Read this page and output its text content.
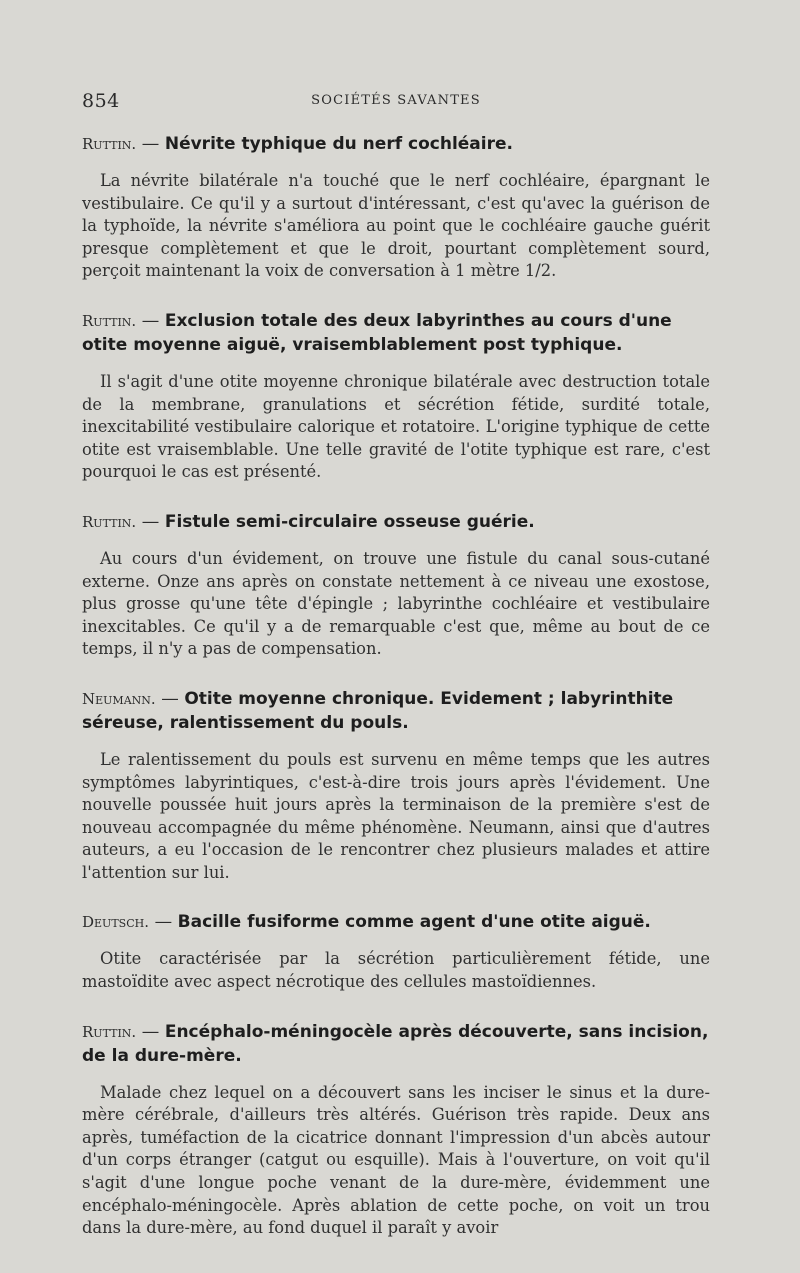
854	SOCIÉTÉS SAVANTES

Ruttin. — Névrite typhique du nerf cochléaire.

La névrite bilatérale n'a touché que le nerf cochléaire, épargnant le vestibulaire. Ce qu'il y a surtout d'intéressant, c'est qu'avec la guérison de la typhoïde, la névrite s'améliora au point que le cochléaire gauche guérit presque complètement et que le droit, pourtant complètement sourd, perçoit maintenant la voix de conversation à 1 mètre 1/2.

Ruttin. — Exclusion totale des deux labyrinthes au cours d'une otite moyenne aiguë, vraisemblablement post typhique.

Il s'agit d'une otite moyenne chronique bilatérale avec destruction totale de la membrane, granulations et sécrétion fétide, surdité totale, inexcitabilité vestibulaire calorique et rotatoire. L'origine typhique de cette otite est vraisemblable. Une telle gravité de l'otite typhique est rare, c'est pourquoi le cas est présenté.

Ruttin. — Fistule semi-circulaire osseuse guérie.

Au cours d'un évidement, on trouve une fistule du canal sous-cutané externe. Onze ans après on constate nettement à ce niveau une exostose, plus grosse qu'une tête d'épingle ; labyrinthe cochléaire et vestibulaire inexcitables. Ce qu'il y a de remarquable c'est que, même au bout de ce temps, il n'y a pas de compensation.

Neumann. — Otite moyenne chronique. Evidement ; labyrinthite séreuse, ralentissement du pouls.

Le ralentissement du pouls est survenu en même temps que les autres symptômes labyrintiques, c'est-à-dire trois jours après l'évidement. Une nouvelle poussée huit jours après la terminaison de la première s'est de nouveau accompagnée du même phénomène. Neumann, ainsi que d'autres auteurs, a eu l'occasion de le rencontrer chez plusieurs malades et attire l'attention sur lui.

Deutsch. — Bacille fusiforme comme agent d'une otite aiguë.

Otite caractérisée par la sécrétion particulièrement fétide, une mastoïdite avec aspect nécrotique des cellules mastoïdiennes.

Ruttin. — Encéphalo-méningocèle après découverte, sans incision, de la dure-mère.

Malade chez lequel on a découvert sans les inciser le sinus et la dure-mère cérébrale, d'ailleurs très altérés. Guérison très rapide. Deux ans après, tuméfaction de la cicatrice donnant l'impression d'un abcès autour d'un corps étranger (catgut ou esquille). Mais à l'ouverture, on voit qu'il s'agit d'une longue poche venant de la dure-mère, évidemment une encéphalo-méningocèle. Après ablation de cette poche, on voit un trou dans la dure-mère, au fond duquel il paraît y avoir
